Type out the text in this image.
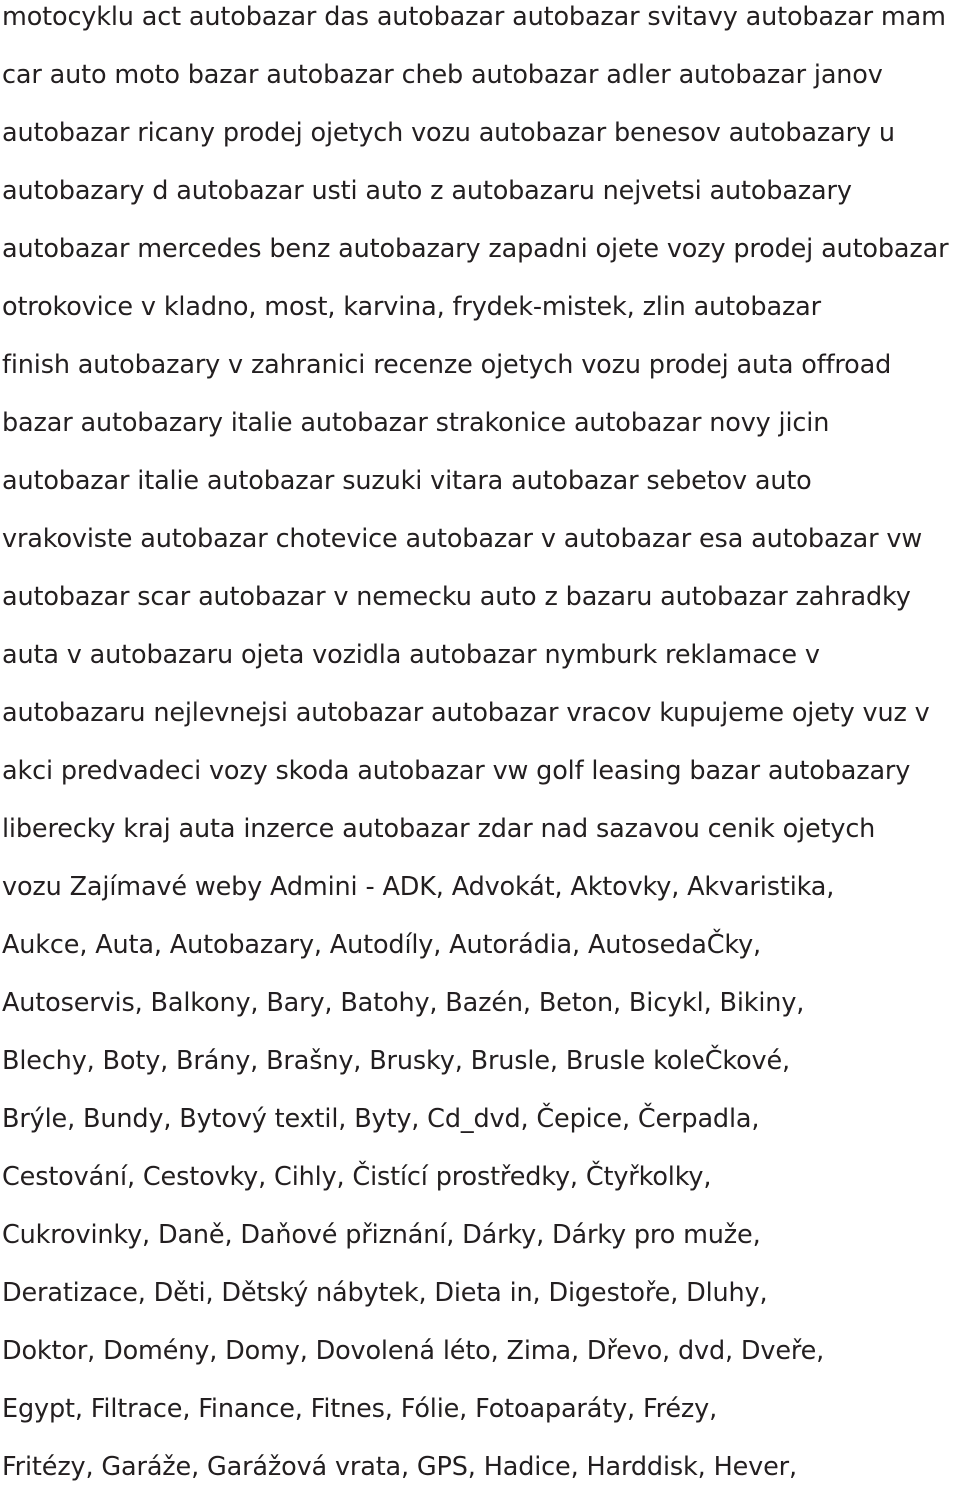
motocyklu act autobazar das autobazar autobazar svitavy autobazar mam
car auto moto bazar autobazar cheb autobazar adler autobazar janov
autobazar ricany prodej ojetych vozu autobazar benesov autobazary u
autobazary d autobazar usti auto z autobazaru nejvetsi autobazary
autobazar mercedes benz autobazary zapadni ojete vozy prodej autobazar
otrokovice v kladno, most, karvina, frydek-mistek, zlin autobazar
finish autobazary v zahranici recenze ojetych vozu prodej auta offroad
bazar autobazary italie autobazar strakonice autobazar novy jicin
autobazar italie autobazar suzuki vitara autobazar sebetov auto
vrakoviste autobazar chotevice autobazar v autobazar esa autobazar vw
autobazar scar autobazar v nemecku auto z bazaru autobazar zahradky
auta v autobazaru ojeta vozidla autobazar nymburk reklamace v
autobazaru nejlevnejsi autobazar autobazar vracov kupujeme ojety vuz v
akci predvadeci vozy skoda autobazar vw golf leasing bazar autobazary
liberecky kraj auta inzerce autobazar zdar nad sazavou cenik ojetych
vozu Zajímavé weby Admini - ADK, Advokát, Aktovky, Akvaristika,
Aukce, Auta, Autobazary, Autodíly, Autorádia, AutosedaČky,
Autoservis, Balkony, Bary, Batohy, Bazén, Beton, Bicykl, Bikiny,
Blechy, Boty, Brány, Brašny, Brusky, Brusle, Brusle koleČkové,
Brýle, Bundy, Bytový textil, Byty, Cd_dvd, Čepice, Čerpadla,
Cestování, Cestovky, Cihly, Čistící prostředky, Čtyřkolky,
Cukrovinky, Daně, Daňové přiznání, Dárky, Dárky pro muže,
Deratizace, Děti, Dětský nábytek, Dieta in, Digestoře, Dluhy,
Doktor, Domény, Domy, Dovolená léto, Zima, Dřevo, dvd, Dveře,
Egypt, Filtrace, Finance, Fitnes, Fólie, Fotoaparáty, Frézy,
Fritézy, Garáže, Garážová vrata, GPS, Hadice, Harddisk, Hever,
